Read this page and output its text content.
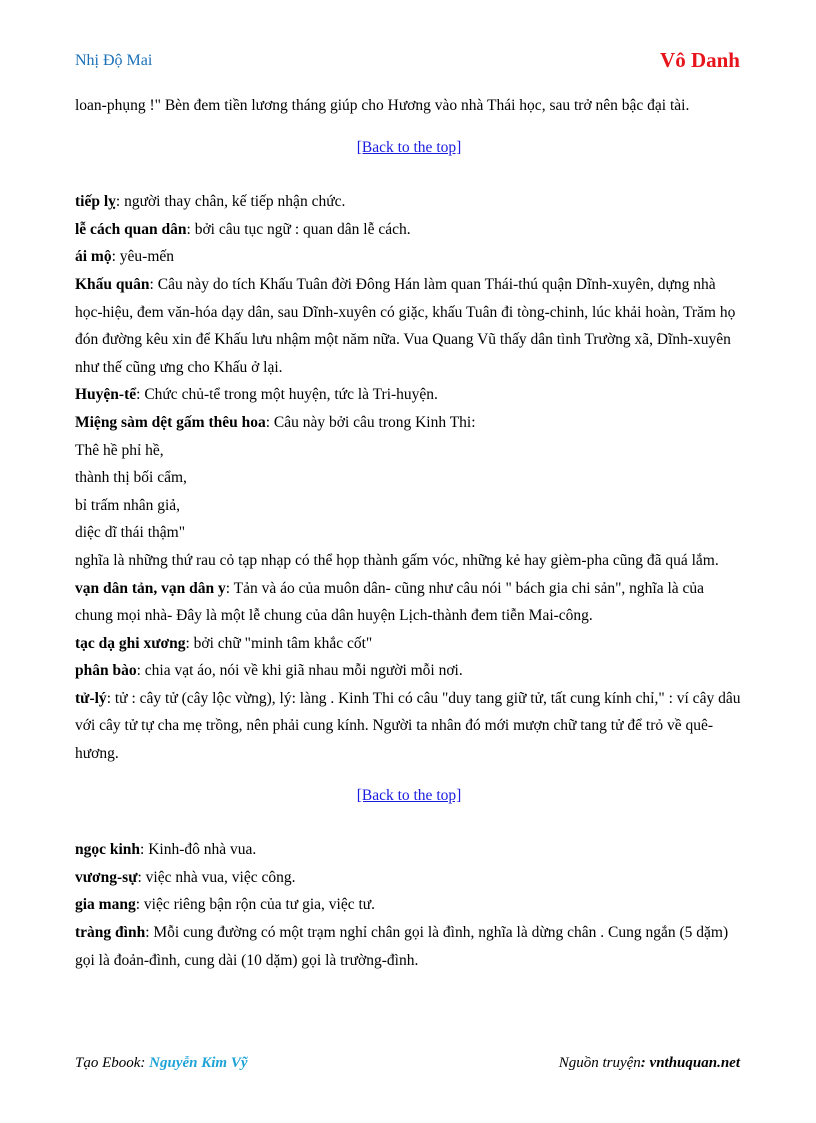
Nhị Độ Mai	Vô Danh

loan-phụng !" Bèn đem tiền lương tháng giúp cho Hương vào nhà Thái học, sau trở nên bậc đại tài.

[Back to the top]

tiếp lỵ: người thay chân, kế tiếp nhận chức.

lễ cách quan dân: bởi câu tục ngữ : quan dân lễ cách.

ái mộ: yêu-mến

Khấu quân: Câu này do tích Khấu Tuân đời Đông Hán làm quan Thái-thú quận Dĩnh-xuyên, dựng nhà học-hiệu, đem văn-hóa dạy dân, sau Dĩnh-xuyên có giặc, khấu Tuân đi tòng-chinh, lúc khải hoàn, Trăm họ đón đường kêu xin để Khấu lưu nhậm một năm nữa. Vua Quang Vũ thấy dân tình Trường xã, Dĩnh-xuyên như thế cũng ưng cho Khấu ở lại.

Huyện-tể: Chức chủ-tể trong một huyện, tức là Tri-huyện.

Miệng sàm dệt gấm thêu hoa: Câu này bởi câu trong Kinh Thi:

Thê hề phỉ hề,

thành thị bối cẩm,

bỉ trấm nhân giả,

diệc dĩ thái thậm"

nghĩa là những thứ rau cỏ tạp nhạp có thể họp thành gấm vóc, những kẻ hay gièm-pha cũng đã quá lắm.

vạn dân tản, vạn dân y: Tản và áo của muôn dân- cũng như câu nói " bách gia chi sản", nghĩa là của chung mọi nhà- Đây là một lễ chung của dân huyện Lịch-thành đem tiễn Mai-công.

tạc dạ ghi xương: bởi chữ "minh tâm khắc cốt"

phân bào: chia vạt áo, nói về khi giã nhau mỗi người mỗi nơi.

tử-lý: tử : cây tử (cây lộc vừng), lý: làng . Kinh Thi có câu "duy tang giữ tử, tất cung kính chỉ," : ví cây dâu với cây tử tự cha mẹ trồng, nên phải cung kính. Người ta nhân đó mới mượn chữ tang tử để trỏ về quê-hương.

[Back to the top]

ngọc kinh: Kinh-đô nhà vua.

vương-sự: việc nhà vua, việc công.

gia mang: việc riêng bận rộn của tư gia, việc tư.

tràng đình: Mỗi cung đường có một trạm nghỉ chân gọi là đình, nghĩa là dừng chân . Cung ngắn (5 dặm) gọi là đoản-đình, cung dài (10 dặm) gọi là trường-đình.

Tạo Ebook: Nguyễn Kim Vỹ	Nguồn truyện: vnthuquan.net
